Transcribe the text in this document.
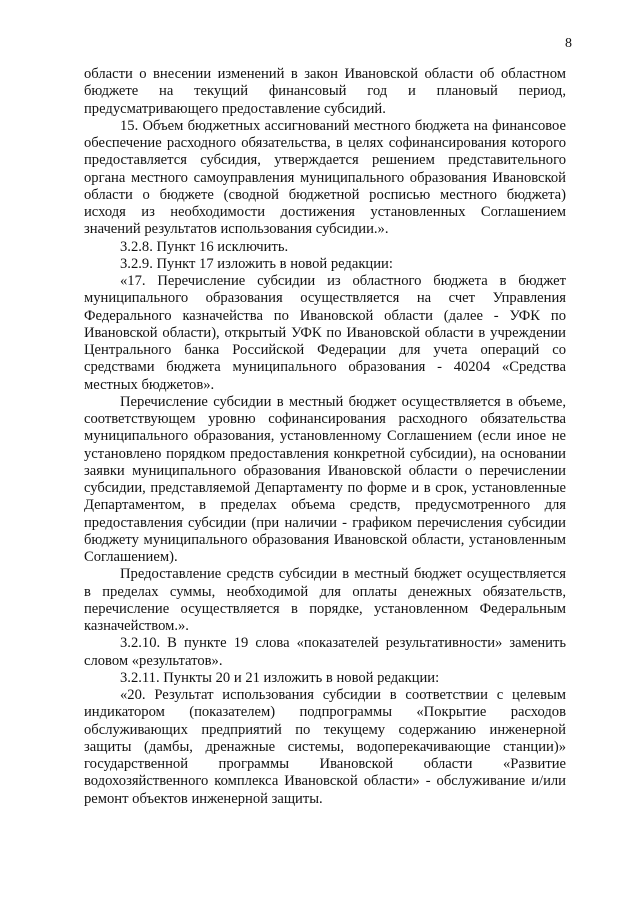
8

области о внесении изменений в закон Ивановской области об областном бюджете на текущий финансовый год и плановый период, предусматривающего предоставление субсидий.

15. Объем бюджетных ассигнований местного бюджета на финансовое обеспечение расходного обязательства, в целях софинансирования которого предоставляется субсидия, утверждается решением представительного органа местного самоуправления муниципального образования Ивановской области о бюджете (сводной бюджетной росписью местного бюджета) исходя из необходимости достижения установленных Соглашением значений результатов использования субсидии.».

3.2.8. Пункт 16 исключить.

3.2.9. Пункт 17 изложить в новой редакции:

«17. Перечисление субсидии из областного бюджета в бюджет муниципального образования осуществляется на счет Управления Федерального казначейства по Ивановской области (далее - УФК по Ивановской области), открытый УФК по Ивановской области в учреждении Центрального банка Российской Федерации для учета операций со средствами бюджета муниципального образования - 40204 «Средства местных бюджетов».

Перечисление субсидии в местный бюджет осуществляется в объеме, соответствующем уровню софинансирования расходного обязательства муниципального образования, установленному Соглашением (если иное не установлено порядком предоставления конкретной субсидии), на основании заявки муниципального образования Ивановской области о перечислении субсидии, представляемой Департаменту по форме и в срок, установленные Департаментом, в пределах объема средств, предусмотренного для предоставления субсидии (при наличии - графиком перечисления субсидии бюджету муниципального образования Ивановской области, установленным Соглашением).

Предоставление средств субсидии в местный бюджет осуществляется в пределах суммы, необходимой для оплаты денежных обязательств, перечисление осуществляется в порядке, установленном Федеральным казначейством.».

3.2.10. В пункте 19 слова «показателей результативности» заменить словом «результатов».

3.2.11. Пункты 20 и 21 изложить в новой редакции:

«20. Результат использования субсидии в соответствии с целевым индикатором (показателем) подпрограммы «Покрытие расходов обслуживающих предприятий по текущему содержанию инженерной защиты (дамбы, дренажные системы, водоперекачивающие станции)» государственной программы Ивановской области «Развитие водохозяйственного комплекса Ивановской области» - обслуживание и/или ремонт объектов инженерной защиты.
